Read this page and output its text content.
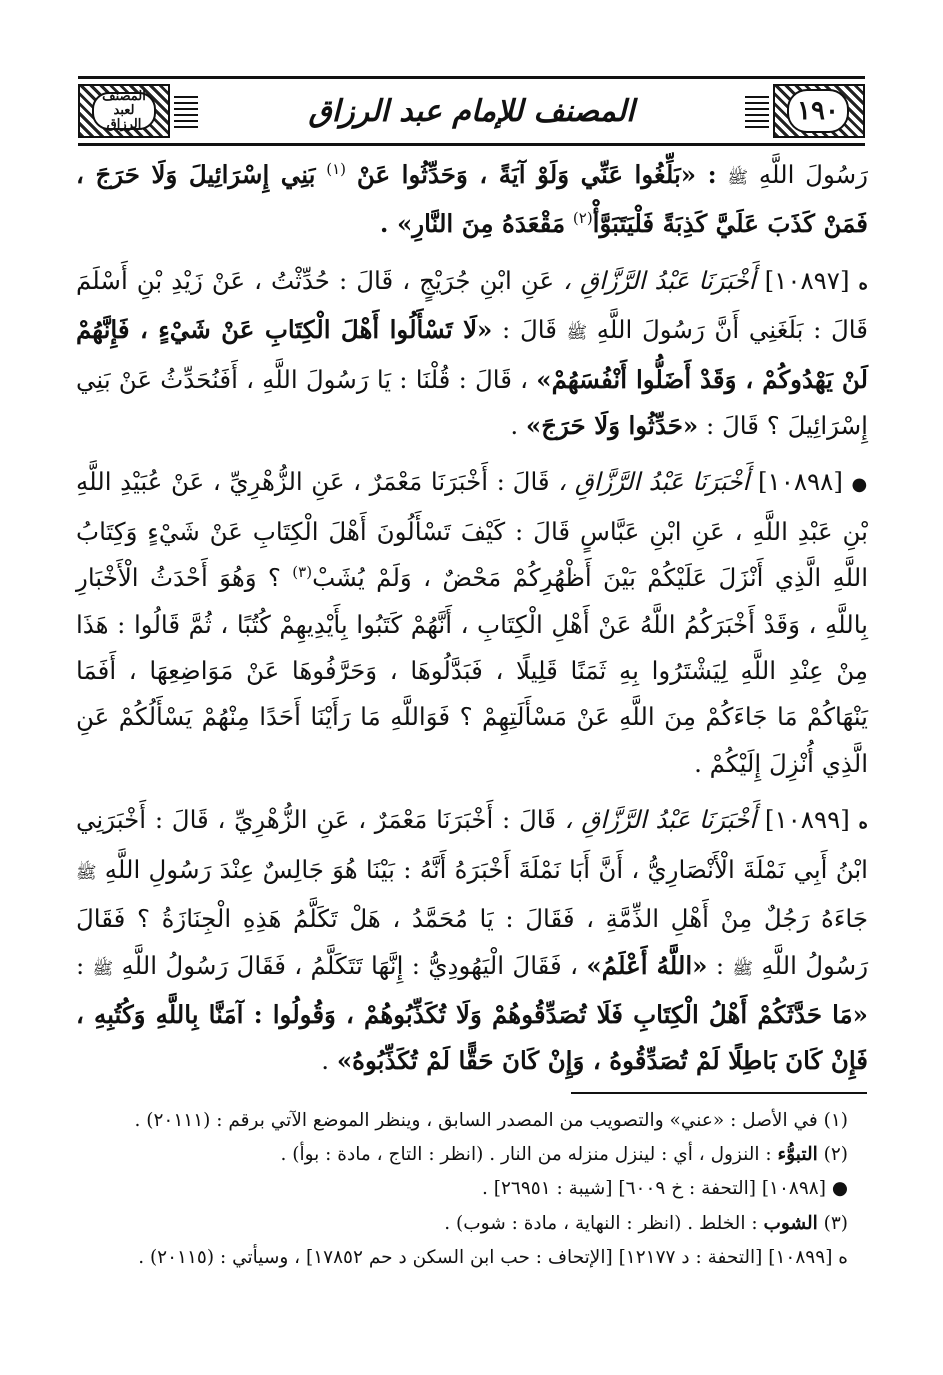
١٩٠
المصنف للإمام عبد الرزاق
المصنف لعبد الرزاق

رَسُولَ اللَّهِ ﷺ : «بَلِّغُوا عَنِّي وَلَوْ آيَةً ، وَحَدِّثُوا عَنْ $^{(١)}$ بَنِي إِسْرَائِيلَ وَلَا حَرَجَ ، فَمَنْ كَذَبَ عَلَيَّ كَذِبَةً فَلْيَتَبَوَّأْ$^{(٢)}$ مَقْعَدَهُ مِنَ النَّارِ» .

ه [١٠٨٩٧] أَخْبَرَنَا عَبْدُ الرَّزَّاقِ ، عَنِ ابْنِ جُرَيْجٍ ، قَالَ : حُدِّثْتُ ، عَنْ زَيْدِ بْنِ أَسْلَمَ قَالَ : بَلَغَنِي أَنَّ رَسُولَ اللَّهِ ﷺ قَالَ : «لَا تَسْأَلُوا أَهْلَ الْكِتَابِ عَنْ شَيْءٍ ، فَإِنَّهُمْ لَنْ يَهْدُوكُمْ ، وَقَدْ أَضَلُّوا أَنْفُسَهُمْ» ، قَالَ : قُلْنَا : يَا رَسُولَ اللَّهِ ، أَفَنُحَدِّثُ عَنْ بَنِي إِسْرَائِيلَ ؟ قَالَ : «حَدِّثُوا وَلَا حَرَجَ» .

● [١٠٨٩٨] أَخْبَرَنَا عَبْدُ الرَّزَّاقِ ، قَالَ : أَخْبَرَنَا مَعْمَرٌ ، عَنِ الزُّهْرِيِّ ، عَنْ عُبَيْدِ اللَّهِ بْنِ عَبْدِ اللَّهِ ، عَنِ ابْنِ عَبَّاسٍ قَالَ : كَيْفَ تَسْأَلُونَ أَهْلَ الْكِتَابِ عَنْ شَيْءٍ وَكِتَابُ اللَّهِ الَّذِي أَنْزَلَ عَلَيْكُمْ بَيْنَ أَظْهُرِكُمْ مَحْضٌ ، وَلَمْ يُشَبْ$^{(٣)}$ ؟ وَهُوَ أَحْدَثُ الْأَخْبَارِ بِاللَّهِ ، وَقَدْ أَخْبَرَكُمُ اللَّهُ عَنْ أَهْلِ الْكِتَابِ ، أَنَّهُمْ كَتَبُوا بِأَيْدِيهِمْ كُتُبًا ، ثُمَّ قَالُوا : هَذَا مِنْ عِنْدِ اللَّهِ لِيَشْتَرُوا بِهِ ثَمَنًا قَلِيلًا ، فَبَدَّلُوهَا ، وَحَرَّفُوهَا عَنْ مَوَاضِعِهَا ، أَفَمَا يَنْهَاكُمْ مَا جَاءَكُمْ مِنَ اللَّهِ عَنْ مَسْأَلَتِهِمْ ؟ فَوَاللَّهِ مَا رَأَيْنَا أَحَدًا مِنْهُمْ يَسْأَلُكُمْ عَنِ الَّذِي أُنْزِلَ إِلَيْكُمْ .

ه [١٠٨٩٩] أَخْبَرَنَا عَبْدُ الرَّزَّاقِ ، قَالَ : أَخْبَرَنَا مَعْمَرٌ ، عَنِ الزُّهْرِيِّ ، قَالَ : أَخْبَرَنِي ابْنُ أَبِي نَمْلَةَ الْأَنْصَارِيُّ ، أَنَّ أَبَا نَمْلَةَ أَخْبَرَهُ أَنَّهُ : بَيْنَا هُوَ جَالِسٌ عِنْدَ رَسُولِ اللَّهِ ﷺ جَاءَهُ رَجُلٌ مِنْ أَهْلِ الذِّمَّةِ ، فَقَالَ : يَا مُحَمَّدُ ، هَلْ تَكَلَّمُ هَذِهِ الْجِنَازَةُ ؟ فَقَالَ رَسُولُ اللَّهِ ﷺ : «اللَّهُ أَعْلَمُ» ، فَقَالَ الْيَهُودِيُّ : إِنَّهَا تَتَكَلَّمُ ، فَقَالَ رَسُولُ اللَّهِ ﷺ : «مَا حَدَّثَكُمْ أَهْلُ الْكِتَابِ فَلَا تُصَدِّقُوهُمْ وَلَا تُكَذِّبُوهُمْ ، وَقُولُوا : آمَنَّا بِاللَّهِ وَكُتُبِهِ ، فَإِنْ كَانَ بَاطِلًا لَمْ تُصَدِّقُوهُ ، وَإِنْ كَانَ حَقًّا لَمْ تُكَذِّبُوهُ» .

(١) في الأصل : «عني» والتصويب من المصدر السابق ، وينظر الموضع الآتي برقم : (٢٠١١١) .

(٢) التبوُّء : النزول ، أي : لينزل منزله من النار . (انظر : التاج ، مادة : بوأ) .

● [١٠٨٩٨] [التحفة : خ ٦٠٠٩] [شيبة : ٢٦٩٥١] .

(٣) الشوب : الخلط . (انظر : النهاية ، مادة : شوب) .

ه [١٠٨٩٩] [التحفة : د ١٢١٧٧] [الإتحاف : حب ابن السكن د حم ١٧٨٥٢] ، وسيأتي : (٢٠١١٥) .
